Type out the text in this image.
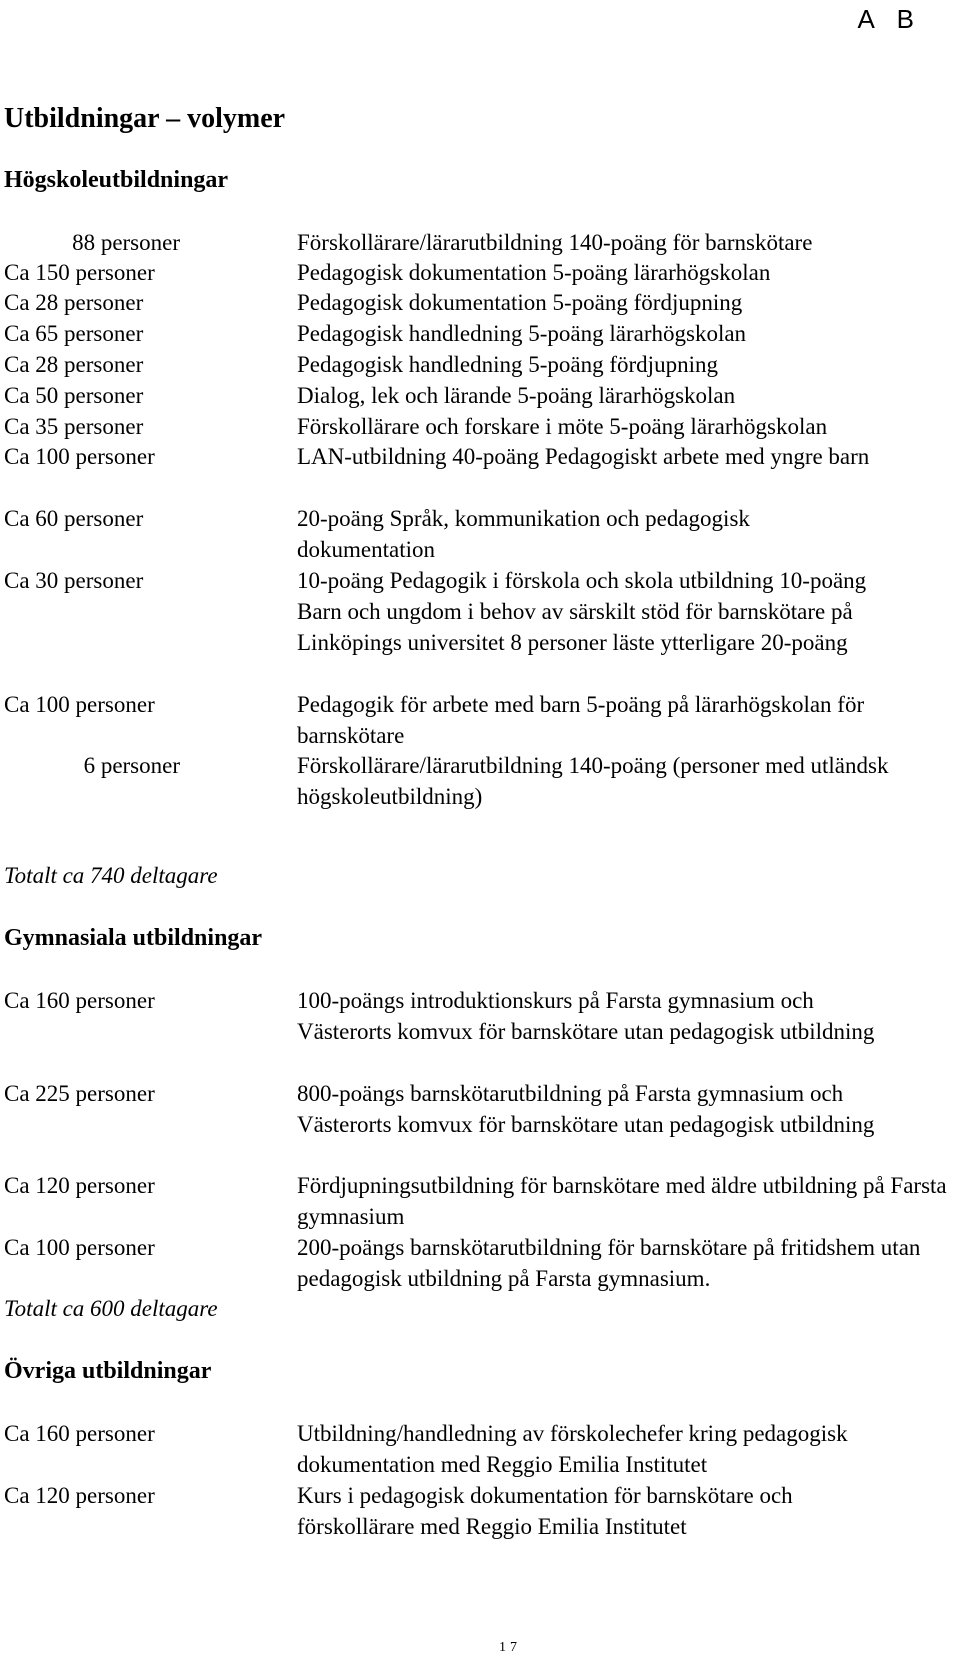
A B
Utbildningar – volymer
Högskoleutbildningar
88 personer	Förskollärare/lärarutbildning 140-poäng för barnskötare
Ca 150 personer	Pedagogisk dokumentation 5-poäng lärarhögskolan
Ca 28 personer	Pedagogisk dokumentation 5-poäng fördjupning
Ca 65 personer	Pedagogisk handledning 5-poäng lärarhögskolan
Ca 28 personer	Pedagogisk handledning 5-poäng fördjupning
Ca 50 personer	Dialog, lek och lärande 5-poäng lärarhögskolan
Ca 35 personer	Förskollärare och forskare i möte 5-poäng lärarhögskolan
Ca 100 personer	LAN-utbildning 40-poäng Pedagogiskt arbete med yngre barn
Ca 60 personer	20-poäng Språk, kommunikation och pedagogisk dokumentation
Ca 30 personer	10-poäng Pedagogik i förskola och skola utbildning 10-poäng Barn och ungdom i behov av särskilt stöd för barnskötare på Linköpings universitet 8 personer läste ytterligare 20-poäng
Ca 100 personer	Pedagogik för arbete med barn 5-poäng på lärarhögskolan för barnskötare
6 personer	Förskollärare/lärarutbildning 140-poäng (personer med utländsk högskoleutbildning)
Totalt ca 740 deltagare
Gymnasiala utbildningar
Ca 160 personer	100-poängs introduktionskurs på Farsta gymnasium och Västerorts komvux för barnskötare utan pedagogisk utbildning
Ca 225 personer	800-poängs barnskötarutbildning på Farsta gymnasium och Västerorts komvux för barnskötare utan pedagogisk utbildning
Ca 120 personer	Fördjupningsutbildning för barnskötare med äldre utbildning på Farsta gymnasium
Ca 100 personer	200-poängs barnskötarutbildning för barnskötare på fritidshem utan pedagogisk utbildning på Farsta gymnasium.
Totalt ca 600 deltagare
Övriga utbildningar
Ca 160 personer	Utbildning/handledning av förskolechefer kring pedagogisk dokumentation med Reggio Emilia Institutet
Ca 120 personer	Kurs i pedagogisk dokumentation för barnskötare och förskollärare med Reggio Emilia Institutet
17
